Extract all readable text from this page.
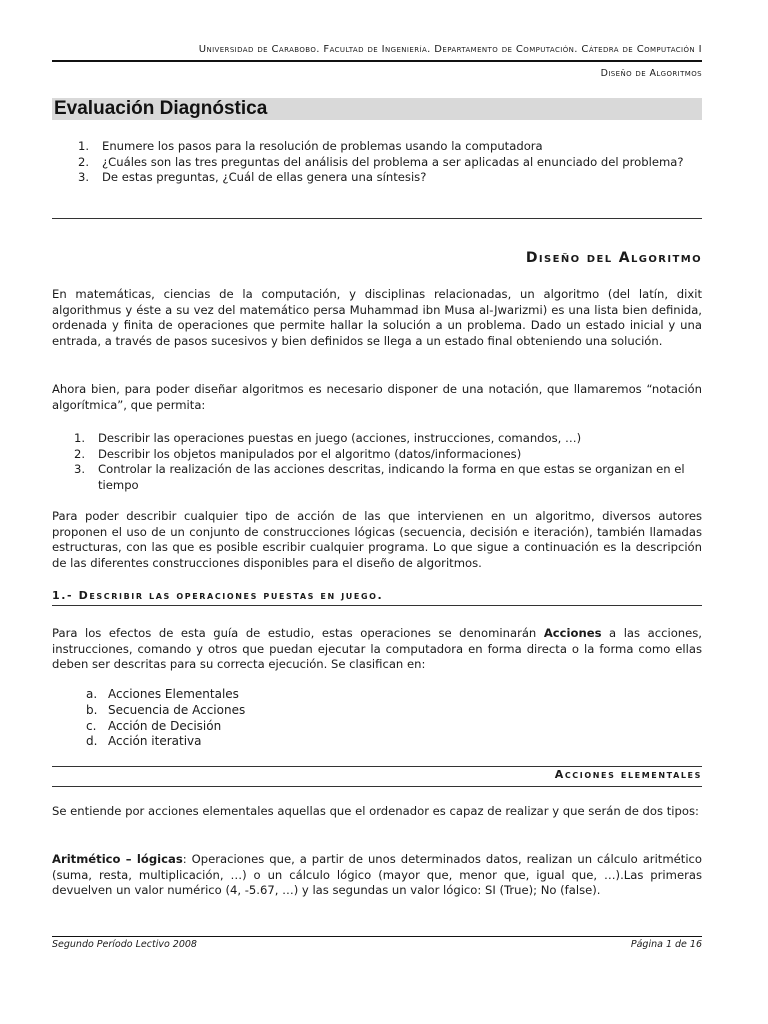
Universidad de Carabobo. Facultad de Ingeniería. Departamento de Computación. Cátedra de Computación I
Diseño de Algoritmos
Evaluación Diagnóstica
1. Enumere los pasos para la resolución de problemas usando la computadora
2. ¿Cuáles son las tres preguntas del análisis del problema a ser aplicadas al enunciado del problema?
3. De estas preguntas, ¿Cuál de ellas genera una síntesis?
Diseño del Algoritmo

En matemáticas, ciencias de la computación, y disciplinas relacionadas, un algoritmo (del latín, dixit algorithmus y éste a su vez del matemático persa Muhammad ibn Musa al-Jwarizmi) es una lista bien definida, ordenada y finita de operaciones que permite hallar la solución a un problema. Dado un estado inicial y una entrada, a través de pasos sucesivos y bien definidos se llega a un estado final obteniendo una solución.

Ahora bien, para poder diseñar algoritmos es necesario disponer de una notación, que llamaremos “notación algorítmica”, que permita:

1. Describir las operaciones puestas en juego (acciones, instrucciones, comandos, …)
2. Describir los objetos manipulados por el algoritmo (datos/informaciones)
3. Controlar la realización de las acciones descritas, indicando la forma en que estas se organizan en el tiempo

Para poder describir cualquier tipo de acción de las que intervienen en un algoritmo, diversos autores proponen el uso de un conjunto de construcciones lógicas (secuencia, decisión e iteración), también llamadas estructuras, con las que es posible escribir cualquier programa. Lo que sigue a continuación es la descripción de las diferentes construcciones disponibles para el diseño de algoritmos.

1.- Describir las operaciones puestas en juego.

Para los efectos de esta guía de estudio, estas operaciones se denominarán Acciones a las acciones, instrucciones, comando y otros que puedan ejecutar la computadora en forma directa o la forma como ellas deben ser descritas para su correcta ejecución. Se clasifican en:

a. Acciones Elementales
b. Secuencia de Acciones
c. Acción de Decisión
d. Acción iterativa
Acciones elementales

Se entiende por acciones elementales aquellas que el ordenador es capaz de realizar y que serán de dos tipos:

Aritmético – lógicas: Operaciones que, a partir de unos determinados datos, realizan un cálculo aritmético (suma, resta, multiplicación, …) o un cálculo lógico (mayor que, menor que, igual que, …).Las primeras devuelven un valor numérico (4, -5.67, …) y las segundas un valor lógico: SI (True); No (false).

Segundo Período Lectivo 2008	Página 1 de 16
